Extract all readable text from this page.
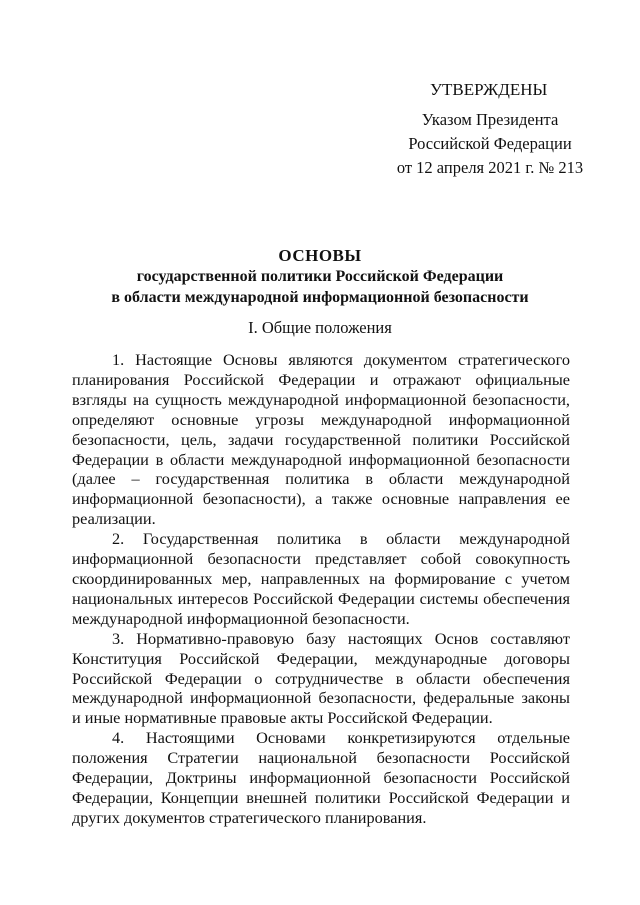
УТВЕРЖДЕНЫ
Указом Президента
Российской Федерации
от 12 апреля 2021 г. № 213
ОСНОВЫ
государственной политики Российской Федерации
в области международной информационной безопасности
I. Общие положения

1. Настоящие Основы являются документом стратегического планирования Российской Федерации и отражают официальные взгляды на сущность международной информационной безопасности, определяют основные угрозы международной информационной безопасности, цель, задачи государственной политики Российской Федерации в области международной информационной безопасности (далее – государственная политика в области международной информационной безопасности), а также основные направления ее реализации.

2. Государственная политика в области международной информационной безопасности представляет собой совокупность скоординированных мер, направленных на формирование с учетом национальных интересов Российской Федерации системы обеспечения международной информационной безопасности.

3. Нормативно-правовую базу настоящих Основ составляют Конституция Российской Федерации, международные договоры Российской Федерации о сотрудничестве в области обеспечения международной информационной безопасности, федеральные законы и иные нормативные правовые акты Российской Федерации.

4. Настоящими Основами конкретизируются отдельные положения Стратегии национальной безопасности Российской Федерации, Доктрины информационной безопасности Российской Федерации, Концепции внешней политики Российской Федерации и других документов стратегического планирования.
